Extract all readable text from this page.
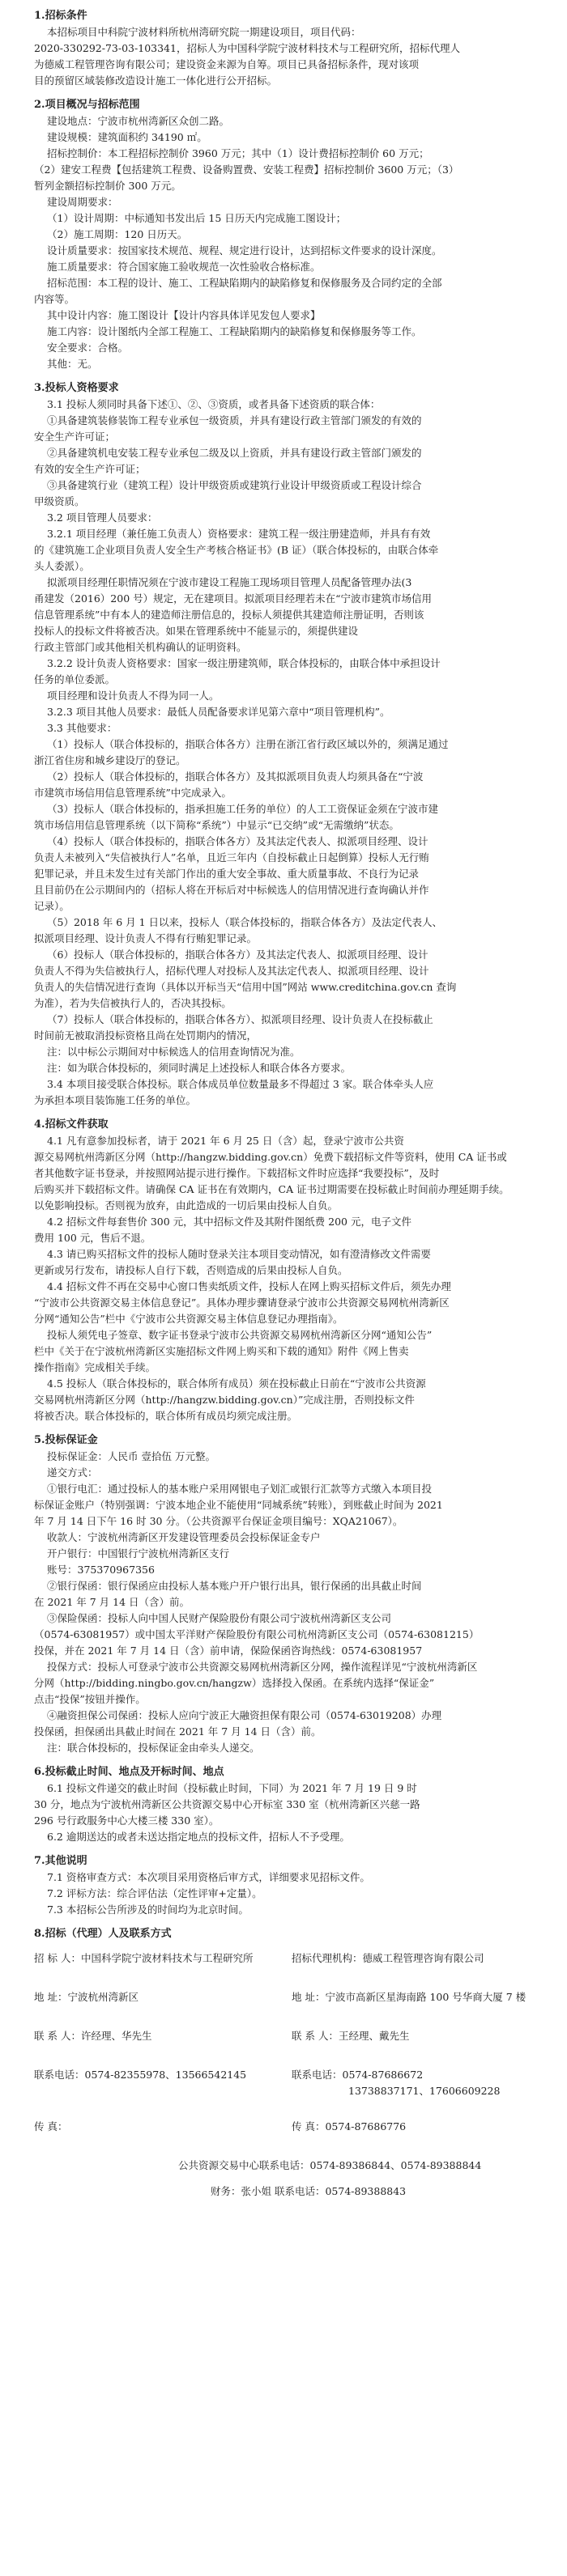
1.招标条件
本招标项目中科院宁波材料所杭州湾研究院一期建设项目，项目代码：
2020-330292-73-03-103341，招标人为中国科学院宁波材料技术与工程研究所，招标代理人
为德威工程管理咨询有限公司；建设资金来源为自筹。项目已具备招标条件，现对该项
目的预留区域装修改造设计施工一体化进行公开招标。
2.项目概况与招标范围
建设地点：宁波市杭州湾新区众创二路。
建设规模：建筑面积约 34190 ㎡。
招标控制价：本工程招标控制价 3960 万元；其中（1）设计费招标控制价 60 万元；
（2）建安工程费【包括建筑工程费、设备购置费、安装工程费】招标控制价 3600 万元；（3）
暂列金额招标控制价 300 万元。
建设周期要求：
（1）设计周期：中标通知书发出后 15 日历天内完成施工图设计；
（2）施工周期：120 日历天。
设计质量要求：按国家技术规范、规程、规定进行设计，达到招标文件要求的设计深度。
施工质量要求：符合国家施工验收规范一次性验收合格标准。
招标范围：本工程的设计、施工、工程缺陷期内的缺陷修复和保修服务及合同约定的全部
内容等。
其中设计内容：施工图设计【设计内容具体详见发包人要求】
施工内容：设计图纸内全部工程施工、工程缺陷期内的缺陷修复和保修服务等工作。
安全要求：合格。
其他：无。
3.投标人资格要求
3.1 投标人须同时具备下述①、②、③资质，或者具备下述资质的联合体：
①具备建筑装修装饰工程专业承包一级资质，并具有建设行政主管部门颁发的有效的
安全生产许可证；
②具备建筑机电安装工程专业承包二级及以上资质，并具有建设行政主管部门颁发的
有效的安全生产许可证；
③具备建筑行业（建筑工程）设计甲级资质或建筑行业设计甲级资质或工程设计综合
甲级资质。
3.2 项目管理人员要求：
3.2.1 项目经理（兼任施工负责人）资格要求：建筑工程一级注册建造师，并具有有效
的《建筑施工企业项目负责人安全生产考核合格证书》(B 证）（联合体投标的，由联合体牵
头人委派）。
拟派项目经理任职情况须在宁波市建设工程施工现场项目管理人员配备管理办法(3
甬建发（2016）200 号）规定，无在建项目。拟派项目经理若未在“宁波市建筑市场信用
信息管理系统”中有本人的建造师注册信息的，投标人须提供其建造师注册证明，否则该
投标人的投标文件将被否决。如果在管理系统中不能显示的，须提供建设
行政主管部门或其他相关机构确认的证明资料。
3.2.2 设计负责人资格要求：国家一级注册建筑师，联合体投标的，由联合体中承担设计
任务的单位委派。
项目经理和设计负责人不得为同一人。
3.2.3 项目其他人员要求：最低人员配备要求详见第六章中“项目管理机构”。
3.3 其他要求：
（1）投标人（联合体投标的，指联合体各方）注册在浙江省行政区域以外的，须满足通过
浙江省住房和城乡建设厅的登记。
（2）投标人（联合体投标的，指联合体各方）及其拟派项目负责人均须具备在“宁波
市建筑市场信用信息管理系统”中完成录入。
（3）投标人（联合体投标的，指承担施工任务的单位）的人工工资保证金须在宁波市建
筑市场信用信息管理系统（以下简称“系统”）中显示“已交纳”或“无需缴纳”状态。
（4）投标人（联合体投标的，指联合体各方）及其法定代表人、拟派项目经理、设计
负责人未被列入“失信被执行人”名单，且近三年内（自投标截止日起倒算）投标人无行贿
犯罪记录，并且未发生过有关部门作出的重大安全事故、重大质量事故、不良行为记录
且目前仍在公示期间内的（招标人将在开标后对中标候选人的信用情况进行查询确认并作
记录）。
（5）2018 年 6 月 1 日以来，投标人（联合体投标的，指联合体各方）及法定代表人、
拟派项目经理、设计负责人不得有行贿犯罪记录。
（6）投标人（联合体投标的，指联合体各方）及其法定代表人、拟派项目经理、设计
负责人不得为失信被执行人，招标代理人对投标人及其法定代表人、拟派项目经理、设计
负责人的失信情况进行查询（具体以开标当天“信用中国”网站 www.creditchina.gov.cn 查询
为准），若为失信被执行人的，否决其投标。
（7）投标人（联合体投标的，指联合体各方）、拟派项目经理、设计负责人在投标截止
时间前无被取消投标资格且尚在处罚期内的情况，
注：以中标公示期间对中标候选人的信用查询情况为准。
注：如为联合体投标的，须同时满足上述投标人和联合体各方要求。
3.4 本项目接受联合体投标。联合体成员单位数量最多不得超过 3 家。联合体牵头人应
为承担本项目装饰施工任务的单位。
4.招标文件获取
4.1 凡有意参加投标者，请于 2021 年 6 月 25 日（含）起，登录宁波市公共资
源交易网杭州湾新区分网（http://hangzw.bidding.gov.cn）免费下载招标文件等资料，使用 CA 证书或
者其他数字证书登录，并按照网站提示进行操作。下载招标文件时应选择“我要投标”，及时
后购买并下载招标文件。请确保 CA 证书在有效期内，CA 证书过期需要在投标截止时间前办理延期手续。
以免影响投标。否则视为放弃，由此造成的一切后果由投标人自负。
4.2 招标文件每套售价 300 元，其中招标文件及其附件图纸费 200 元，电子文件
费用 100 元，售后不退。
4.3 请已购买招标文件的投标人随时登录关注本项目变动情况，如有澄清修改文件需要
更新或另行发布，请投标人自行下载，否则造成的后果由投标人自负。
4.4 招标文件不再在交易中心窗口售卖纸质文件，投标人在网上购买招标文件后，须先办理
“宁波市公共资源交易主体信息登记”。具体办理步骤请登录宁波市公共资源交易网杭州湾新区
分网“通知公告”栏中《宁波市公共资源交易主体信息登记办理指南》。
投标人须凭电子签章、数字证书登录宁波市公共资源交易网杭州湾新区分网“通知公告”
栏中《关于在宁波杭州湾新区实施招标文件网上购买和下载的通知》附件《网上售卖
操作指南》完成相关手续。
4.5 投标人（联合体投标的，联合体所有成员）须在投标截止日前在“宁波市公共资源
交易网杭州湾新区分网（http://hangzw.bidding.gov.cn）”完成注册，否则投标文件
将被否决。联合体投标的，联合体所有成员均须完成注册。
5.投标保证金
投标保证金：人民币 壹拾伍 万元整。
递交方式：
①银行电汇：通过投标人的基本账户采用网银电子划汇或银行汇款等方式缴入本项目投
标保证金账户（特别强调：宁波本地企业不能使用“同城系统”转账），到账截止时间为 2021
年 7 月 14 日下午 16 时 30 分。（公共资源平台保证金项目编号：XQA21067）。
收款人：宁波杭州湾新区开发建设管理委员会投标保证金专户
开户银行：中国银行宁波杭州湾新区支行
账号：375370967356
②银行保函：银行保函应由投标人基本账户开户银行出具，银行保函的出具截止时间
在 2021 年 7 月 14 日（含）前。
③保险保函：投标人向中国人民财产保险股份有限公司宁波杭州湾新区支公司
（0574-63081957）或中国太平洋财产保险股份有限公司杭州湾新区支公司（0574-63081215）
投保，并在 2021 年 7 月 14 日（含）前申请，保险保函咨询热线：0574-63081957
投保方式：投标人可登录宁波市公共资源交易网杭州湾新区分网，操作流程详见“宁波杭州湾新区
分网（http://bidding.ningbo.gov.cn/hangzw）选择投入保函。在系统内选择“保证金”
点击“投保”按钮并操作。
④融资担保公司保函：投标人应向宁波正大融资担保有限公司（0574-63019208）办理
投保函，担保函出具截止时间在 2021 年 7 月 14 日（含）前。
注：联合体投标的，投标保证金由牵头人递交。
6.投标截止时间、地点及开标时间、地点
6.1 投标文件递交的截止时间（投标截止时间，下同）为 2021 年 7 月 19 日 9 时
30 分，地点为宁波杭州湾新区公共资源交易中心开标室 330 室（杭州湾新区兴慈一路
296 号行政服务中心大楼三楼 330 室）。
6.2 逾期送达的或者未送达指定地点的投标文件，招标人不予受理。
7.其他说明
7.1 资格审查方式：本次项目采用资格后审方式，详细要求见招标文件。
7.2 评标方法：综合评估法（定性评审+定量）。
7.3 本招标公告所涉及的时间均为北京时间。
8.招标（代理）人及联系方式
招 标 人：中国科学院宁波材料技术与工程研究所	招标代理机构：德威工程管理咨询有限公司
地 址：宁波杭州湾新区	地 址：宁波市高新区星海南路 100 号华商大厦 7 楼
联 系 人：许经理、华先生	联 系 人：王经理、戴先生
联系电话：0574-82355978、13566542145	联系电话：0574-87686672
13738837171、17606609228
传 真：	传 真：0574-87686776
公共资源交易中心联系电话：0574-89386844、0574-89388844
财务：张小姐 联系电话：0574-89388843
